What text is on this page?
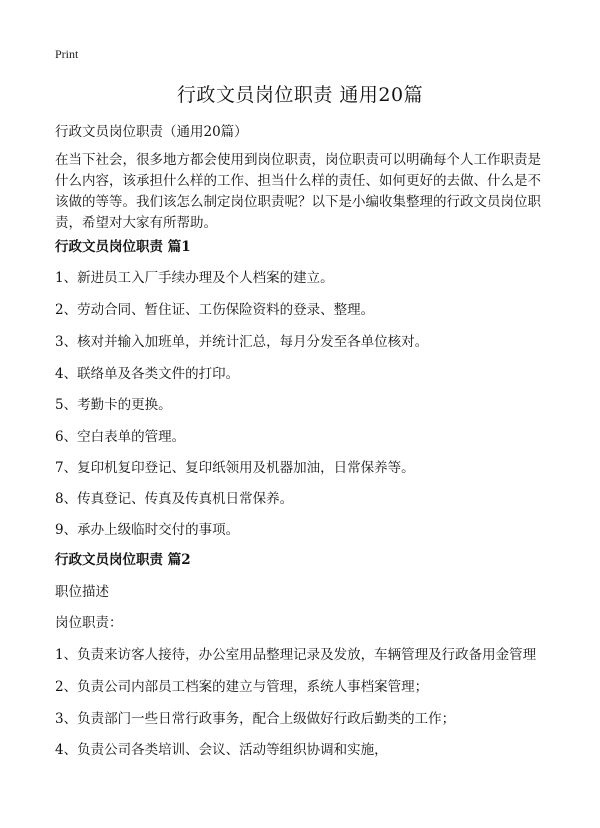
Print
行政文员岗位职责 通用20篇

行政文员岗位职责（通用20篇）

在当下社会，很多地方都会使用到岗位职责，岗位职责可以明确每个人工作职责是什么内容，该承担什么样的工作、担当什么样的责任、如何更好的去做、什么是不该做的等等。我们该怎么制定岗位职责呢？以下是小编收集整理的行政文员岗位职责，希望对大家有所帮助。

行政文员岗位职责 篇1

1、新进员工入厂手续办理及个人档案的建立。

2、劳动合同、暂住证、工伤保险资料的登录、整理。

3、核对并输入加班单，并统计汇总，每月分发至各单位核对。

4、联络单及各类文件的打印。

5、考勤卡的更换。

6、空白表单的管理。

7、复印机复印登记、复印纸领用及机器加油，日常保养等。

8、传真登记、传真及传真机日常保养。

9、承办上级临时交付的事项。

行政文员岗位职责 篇2

职位描述

岗位职责：

1、负责来访客人接待，办公室用品整理记录及发放，车辆管理及行政备用金管理

2、负责公司内部员工档案的建立与管理，系统人事档案管理；

3、负责部门一些日常行政事务，配合上级做好行政后勤类的工作；

4、负责公司各类培训、会议、活动等组织协调和实施，
